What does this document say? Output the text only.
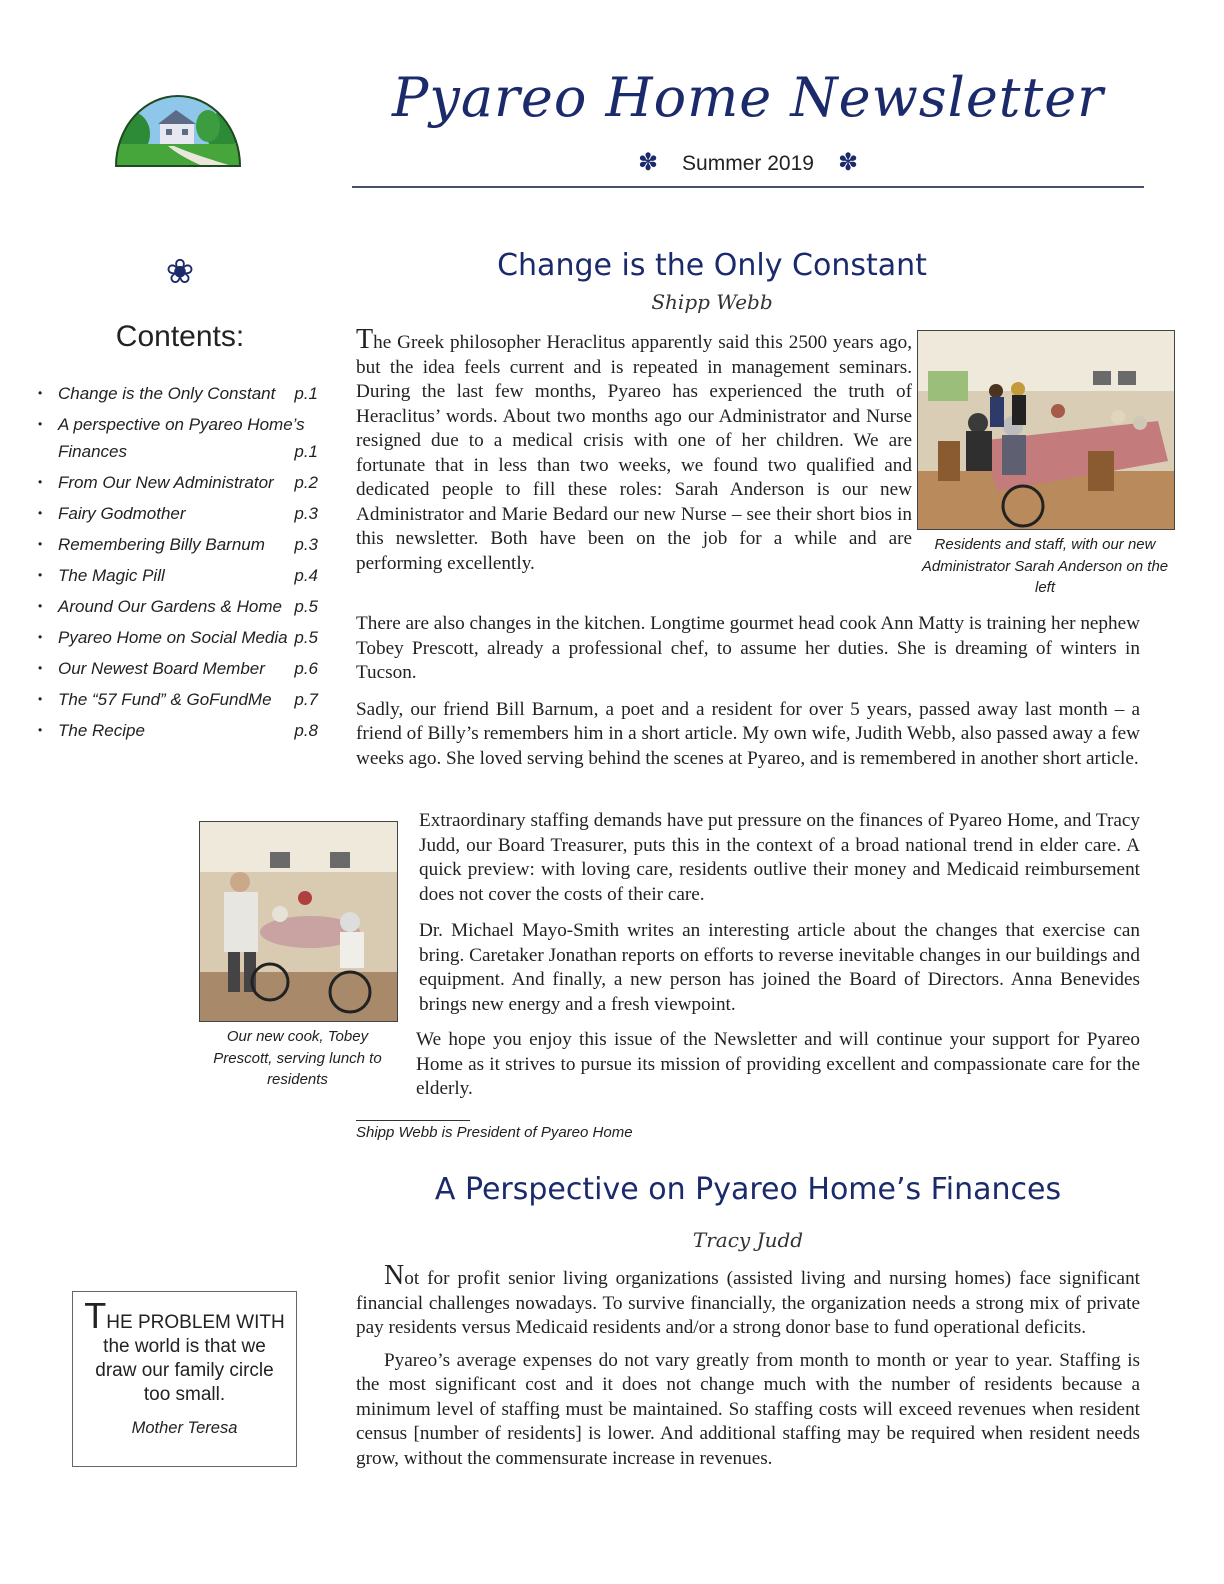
Pyareo Home Newsletter
✽ Summer 2019 ✽
❀
Contents:
• Change is the Only Constant p.1
• A perspective on Pyareo Home’s Finances	p.1
• From Our New Administrator p.2
• Fairy Godmother	p.3
• Remembering Billy Barnum p.3
• The Magic Pill	p.4
• Around Our Gardens & Home p.5
• Pyareo Home on Social Media p.5
• Our Newest Board Member p.6
• The “57 Fund” & GoFundMe p.7
• The Recipe	p.8
Change is the Only Constant
Shipp Webb

The Greek philosopher Heraclitus apparently said this 2500 years ago, but the idea feels current and is repeated in management seminars. During the last few months, Pyareo has experienced the truth of Heraclitus’ words. About two months ago our Administrator and Nurse resigned due to a medical crisis with one of her children. We are fortunate that in less than two weeks, we found two qualified and dedicated people to fill these roles: Sarah Anderson is our new Administrator and Marie Bedard our new Nurse – see their short bios in this newsletter. Both have been on the job for a while and are performing excellently.

Residents and staff, with our new Administrator Sarah Anderson on the left

There are also changes in the kitchen. Longtime gourmet head cook Ann Matty is training her nephew Tobey Prescott, already a professional chef, to assume her duties. She is dreaming of winters in Tucson.

Sadly, our friend Bill Barnum, a poet and a resident for over 5 years, passed away last month – a friend of Billy’s remembers him in a short article. My own wife, Judith Webb, also passed away a few weeks ago. She loved serving behind the scenes at Pyareo, and is remembered in another short article.

Our new cook, Tobey Prescott, serving lunch to residents

Extraordinary staffing demands have put pressure on the finances of Pyareo Home, and Tracy Judd, our Board Treasurer, puts this in the context of a broad national trend in elder care. A quick preview: with loving care, residents outlive their money and Medicaid reimbursement does not cover the costs of their care.

Dr. Michael Mayo-Smith writes an interesting article about the changes that exercise can bring. Caretaker Jonathan reports on efforts to reverse inevitable changes in our buildings and equipment. And finally, a new person has joined the Board of Directors. Anna Benevides brings new energy and a fresh viewpoint.

We hope you enjoy this issue of the Newsletter and will continue your support for Pyareo Home as it strives to pursue its mission of providing excellent and compassionate care for the elderly.

Shipp Webb is President of Pyareo Home
A Perspective on Pyareo Home’s Finances
Tracy Judd

Not for profit senior living organizations (assisted living and nursing homes) face significant financial challenges nowadays. To survive financially, the organization needs a strong mix of private pay residents versus Medicaid residents and/or a strong donor base to fund operational deficits.

Pyareo’s average expenses do not vary greatly from month to month or year to year. Staffing is the most significant cost and it does not change much with the number of residents because a minimum level of staffing must be maintained. So staffing costs will exceed revenues when resident census [number of residents] is lower. And additional staffing may be required when resident needs grow, without the commensurate increase in revenues.

THE PROBLEM WITH the world is that we draw our family circle too small.
Mother Teresa
